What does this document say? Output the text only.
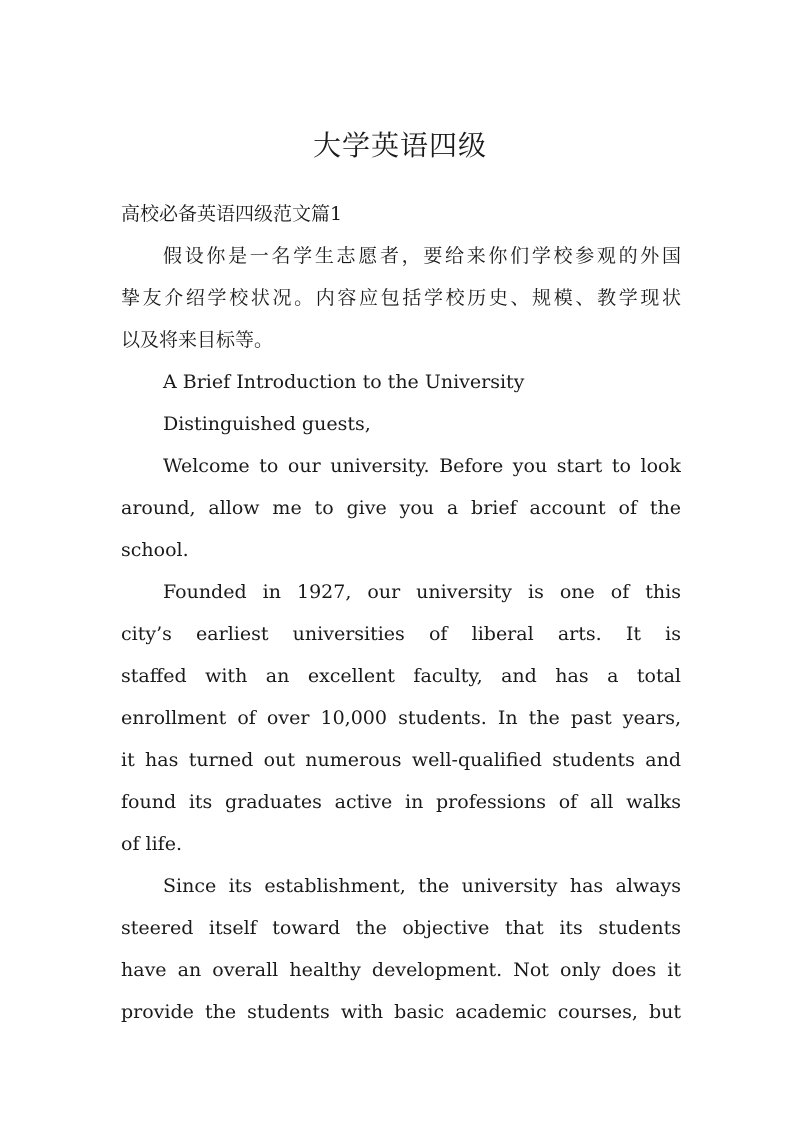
大学英语四级
高校必备英语四级范文篇1
假设你是一名学生志愿者，要给来你们学校参观的外国
挚友介绍学校状况。内容应包括学校历史、规模、教学现状
以及将来目标等。
A Brief Introduction to the University
Distinguished guests,
Welcome to our university. Before you start to look
around, allow me to give you a brief account of the
school.
Founded in 1927, our university is one of this
city’s earliest universities of liberal arts. It is
staffed with an excellent faculty, and has a total
enrollment of over 10,000 students. In the past years,
it has turned out numerous well-qualified students and
found its graduates active in professions of all walks
of life.
Since its establishment, the university has always
steered itself toward the objective that its students
have an overall healthy development. Not only does it
provide the students with basic academic courses, but
